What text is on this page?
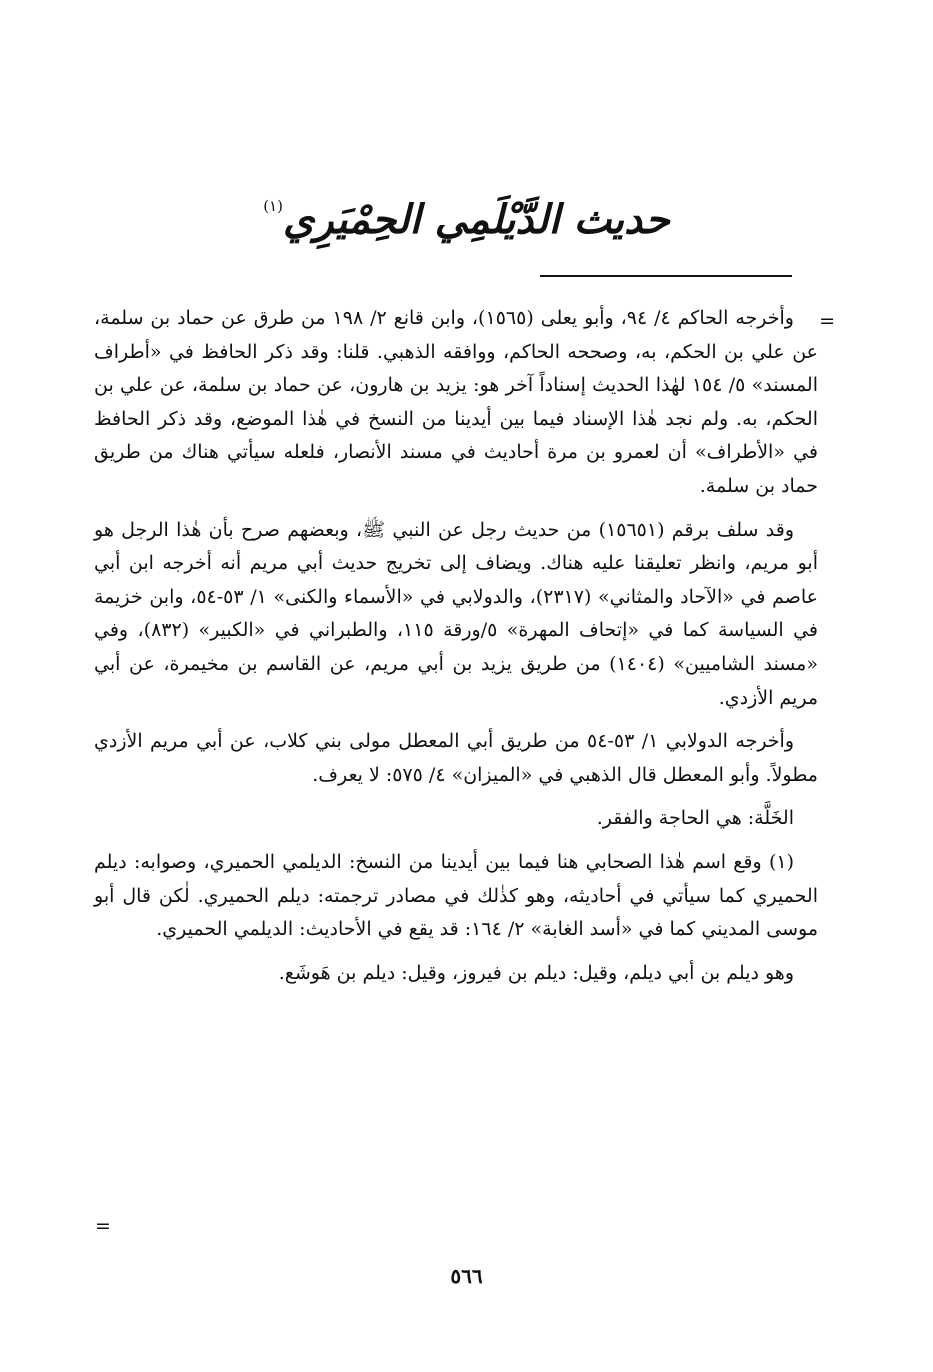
حديث الدَّيْلَمِي الحِمْيَرِي$^{(١)}$
=

وأخرجه الحاكم ٤/ ٩٤، وأبو يعلى (١٥٦٥)، وابن قانع ٢/ ١٩٨ من طرق عن حماد بن سلمة، عن علي بن الحكم، به، وصححه الحاكم، ووافقه الذهبي. قلنا: وقد ذكر الحافظ في «أطراف المسند» ٥/ ١٥٤ لهٰذا الحديث إسناداً آخر هو: يزيد بن هارون، عن حماد بن سلمة، عن علي بن الحكم، به. ولم نجد هٰذا الإسناد فيما بين أيدينا من النسخ في هٰذا الموضع، وقد ذكر الحافظ في «الأطراف» أن لعمرو بن مرة أحاديث في مسند الأنصار، فلعله سيأتي هناك من طريق حماد بن سلمة.

وقد سلف برقم (١٥٦٥١) من حديث رجل عن النبي ﷺ، وبعضهم صرح بأن هٰذا الرجل هو أبو مريم، وانظر تعليقنا عليه هناك. ويضاف إلى تخريج حديث أبي مريم أنه أخرجه ابن أبي عاصم في «الآحاد والمثاني» (٢٣١٧)، والدولابي في «الأسماء والكنى» ١/ ٥٣-٥٤، وابن خزيمة في السياسة كما في «إتحاف المهرة» ٥/ورقة ١١٥، والطبراني في «الكبير» (٨٣٢)، وفي «مسند الشاميين» (١٤٠٤) من طريق يزيد بن أبي مريم، عن القاسم بن مخيمرة، عن أبي مريم الأزدي.

وأخرجه الدولابي ١/ ٥٣-٥٤ من طريق أبي المعطل مولى بني كلاب، عن أبي مريم الأزدي مطولاً. وأبو المعطل قال الذهبي في «الميزان» ٤/ ٥٧٥: لا يعرف.

الخَلَّة: هي الحاجة والفقر.

(١) وقع اسم هٰذا الصحابي هنا فيما بين أيدينا من النسخ: الديلمي الحميري، وصوابه: ديلم الحميري كما سيأتي في أحاديثه، وهو كذٰلك في مصادر ترجمته: ديلم الحميري. لٰكن قال أبو موسى المديني كما في «أسد الغابة» ٢/ ١٦٤: قد يقع في الأحاديث: الديلمي الحميري.

وهو ديلم بن أبي ديلم، وقيل: ديلم بن فيروز، وقيل: ديلم بن هَوشَع.

=
٥٦٦
